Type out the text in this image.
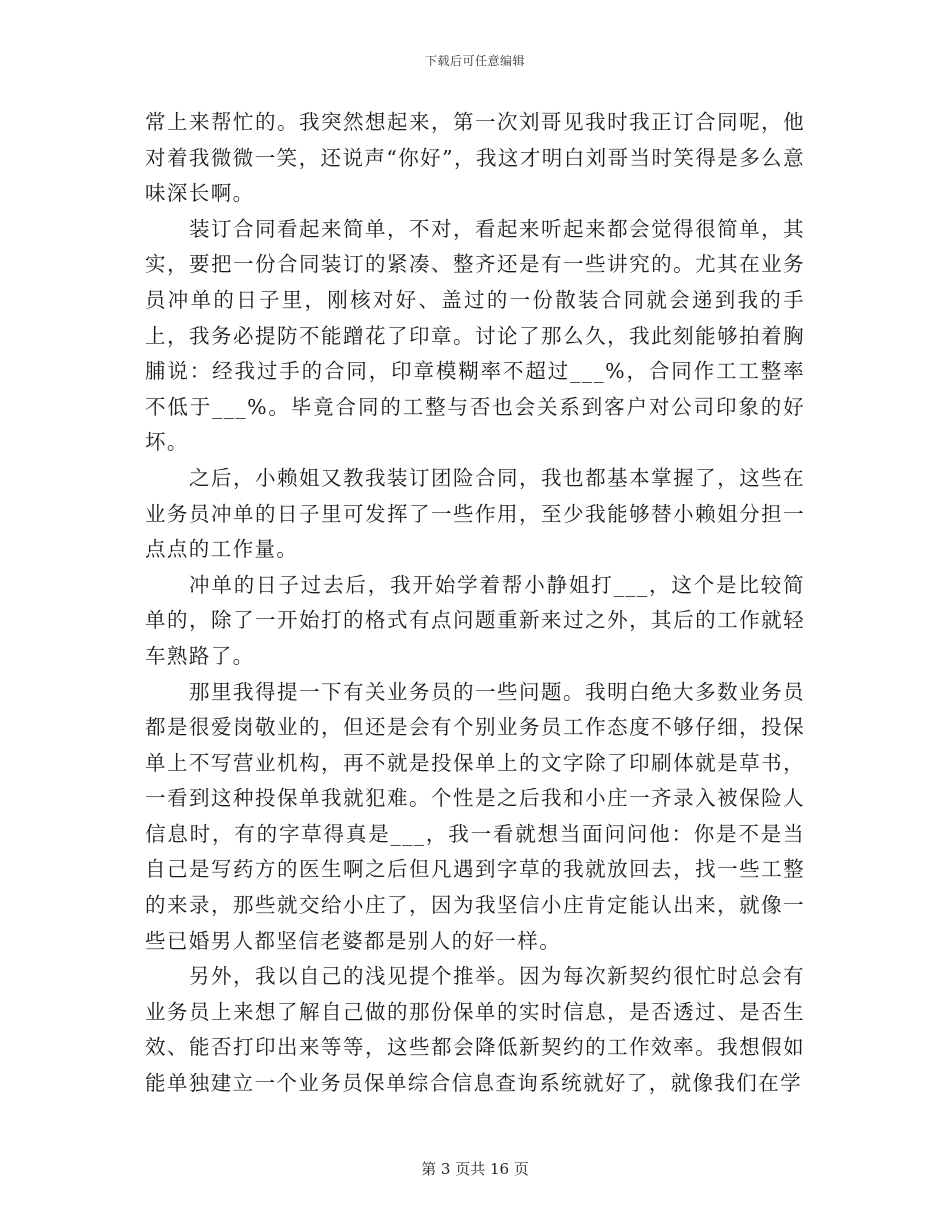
下载后可任意编辑

常上来帮忙的。我突然想起来，第一次刘哥见我时我正订合同呢，他对着我微微一笑，还说声“你好”，我这才明白刘哥当时笑得是多么意味深长啊。

装订合同看起来简单，不对，看起来听起来都会觉得很简单，其实，要把一份合同装订的紧凑、整齐还是有一些讲究的。尤其在业务员冲单的日子里，刚核对好、盖过的一份散装合同就会递到我的手上，我务必提防不能蹭花了印章。讨论了那么久，我此刻能够拍着胸脯说：经我过手的合同，印章模糊率不超过___%，合同作工工整率不低于___%。毕竟合同的工整与否也会关系到客户对公司印象的好坏。

之后，小赖姐又教我装订团险合同，我也都基本掌握了，这些在业务员冲单的日子里可发挥了一些作用，至少我能够替小赖姐分担一点点的工作量。

冲单的日子过去后，我开始学着帮小静姐打___，这个是比较简单的，除了一开始打的格式有点问题重新来过之外，其后的工作就轻车熟路了。

那里我得提一下有关业务员的一些问题。我明白绝大多数业务员都是很爱岗敬业的，但还是会有个别业务员工作态度不够仔细，投保单上不写营业机构，再不就是投保单上的文字除了印刷体就是草书，一看到这种投保单我就犯难。个性是之后我和小庄一齐录入被保险人信息时，有的字草得真是___，我一看就想当面问问他：你是不是当自己是写药方的医生啊之后但凡遇到字草的我就放回去，找一些工整的来录，那些就交给小庄了，因为我坚信小庄肯定能认出来，就像一些已婚男人都坚信老婆都是别人的好一样。

另外，我以自己的浅见提个推举。因为每次新契约很忙时总会有业务员上来想了解自己做的那份保单的实时信息，是否透过、是否生效、能否打印出来等等，这些都会降低新契约的工作效率。我想假如能单独建立一个业务员保单综合信息查询系统就好了，就像我们在学

第 3 页共 16 页
